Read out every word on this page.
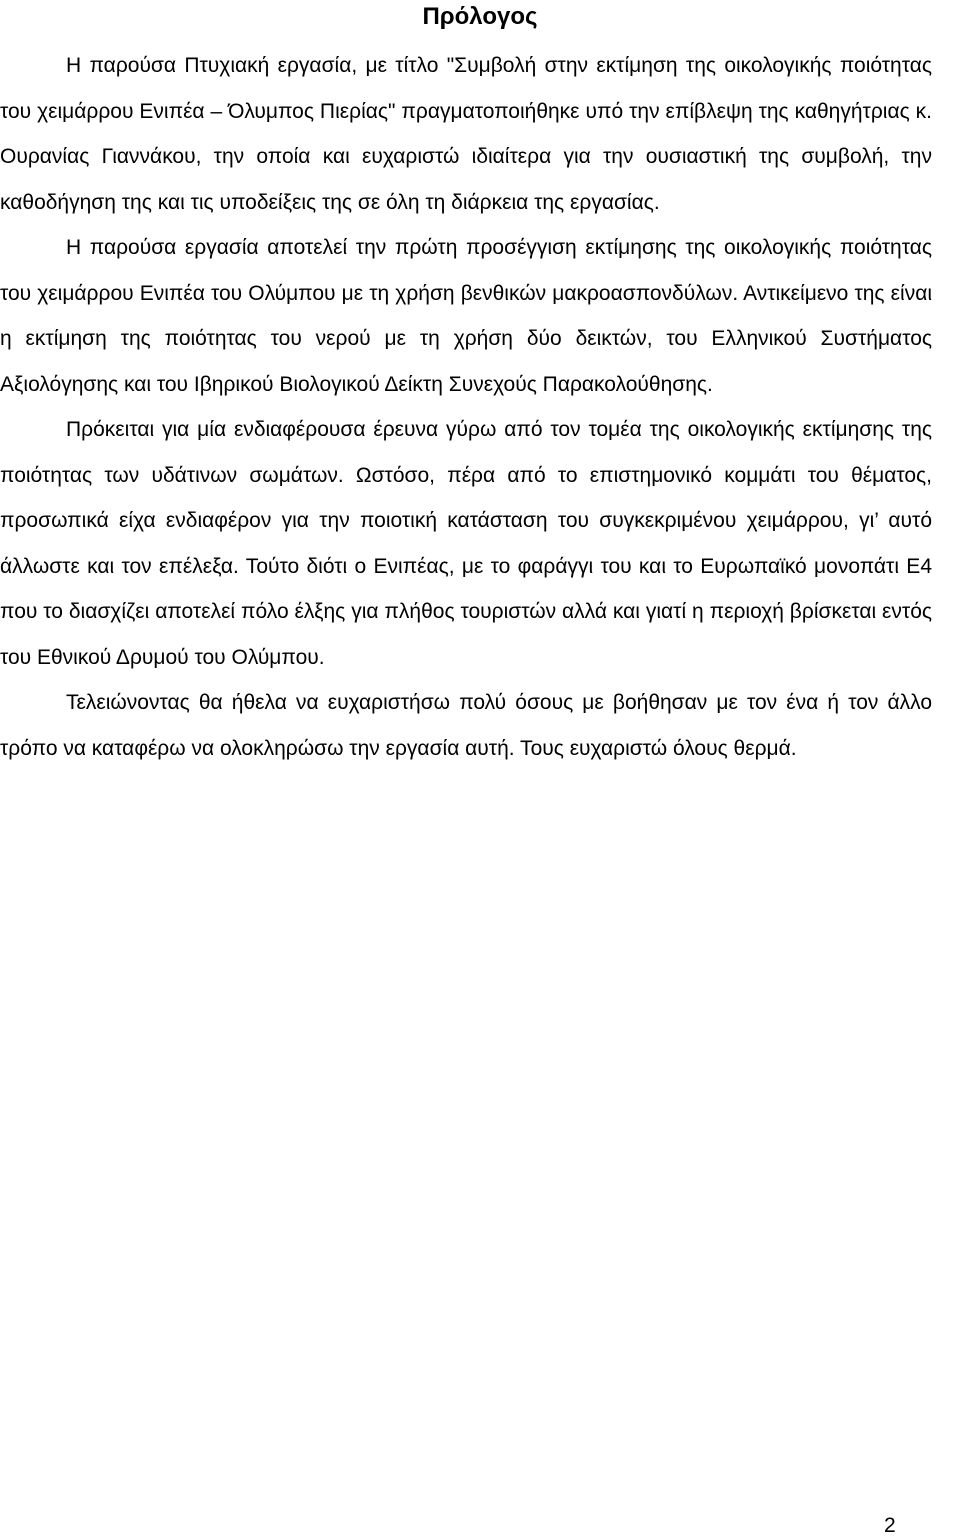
Πρόλογος

Η παρούσα Πτυχιακή εργασία, με τίτλο "Συμβολή στην εκτίμηση της οικολογικής ποιότητας του χειμάρρου Ενιπέα – Όλυμπος Πιερίας" πραγματοποιήθηκε υπό την επίβλεψη της καθηγήτριας κ. Ουρανίας Γιαννάκου, την οποία και ευχαριστώ ιδιαίτερα για την ουσιαστική της συμβολή, την καθοδήγηση της και τις υποδείξεις της σε όλη τη διάρκεια της εργασίας.

Η παρούσα εργασία αποτελεί την πρώτη προσέγγιση εκτίμησης της οικολογικής ποιότητας του χειμάρρου Ενιπέα του Ολύμπου με τη χρήση βενθικών μακροασπονδύλων. Αντικείμενο της είναι η εκτίμηση της ποιότητας του νερού με τη χρήση δύο δεικτών, του Ελληνικού Συστήματος Αξιολόγησης και του Ιβηρικού Βιολογικού Δείκτη Συνεχούς Παρακολούθησης.

Πρόκειται για μία ενδιαφέρουσα έρευνα γύρω από τον τομέα της οικολογικής εκτίμησης της ποιότητας των υδάτινων σωμάτων. Ωστόσο, πέρα από το επιστημονικό κομμάτι του θέματος, προσωπικά είχα ενδιαφέρον για την ποιοτική κατάσταση του συγκεκριμένου χειμάρρου, γι’ αυτό άλλωστε και τον επέλεξα. Τούτο διότι ο Ενιπέας, με το φαράγγι του και το Ευρωπαϊκό μονοπάτι Ε4 που το διασχίζει αποτελεί πόλο έλξης για πλήθος τουριστών αλλά και γιατί η περιοχή βρίσκεται εντός του Εθνικού Δρυμού του Ολύμπου.

Τελειώνοντας θα ήθελα να ευχαριστήσω πολύ όσους με βοήθησαν με τον ένα ή τον άλλο τρόπο να καταφέρω να ολοκληρώσω την εργασία αυτή. Τους ευχαριστώ όλους θερμά.

2
